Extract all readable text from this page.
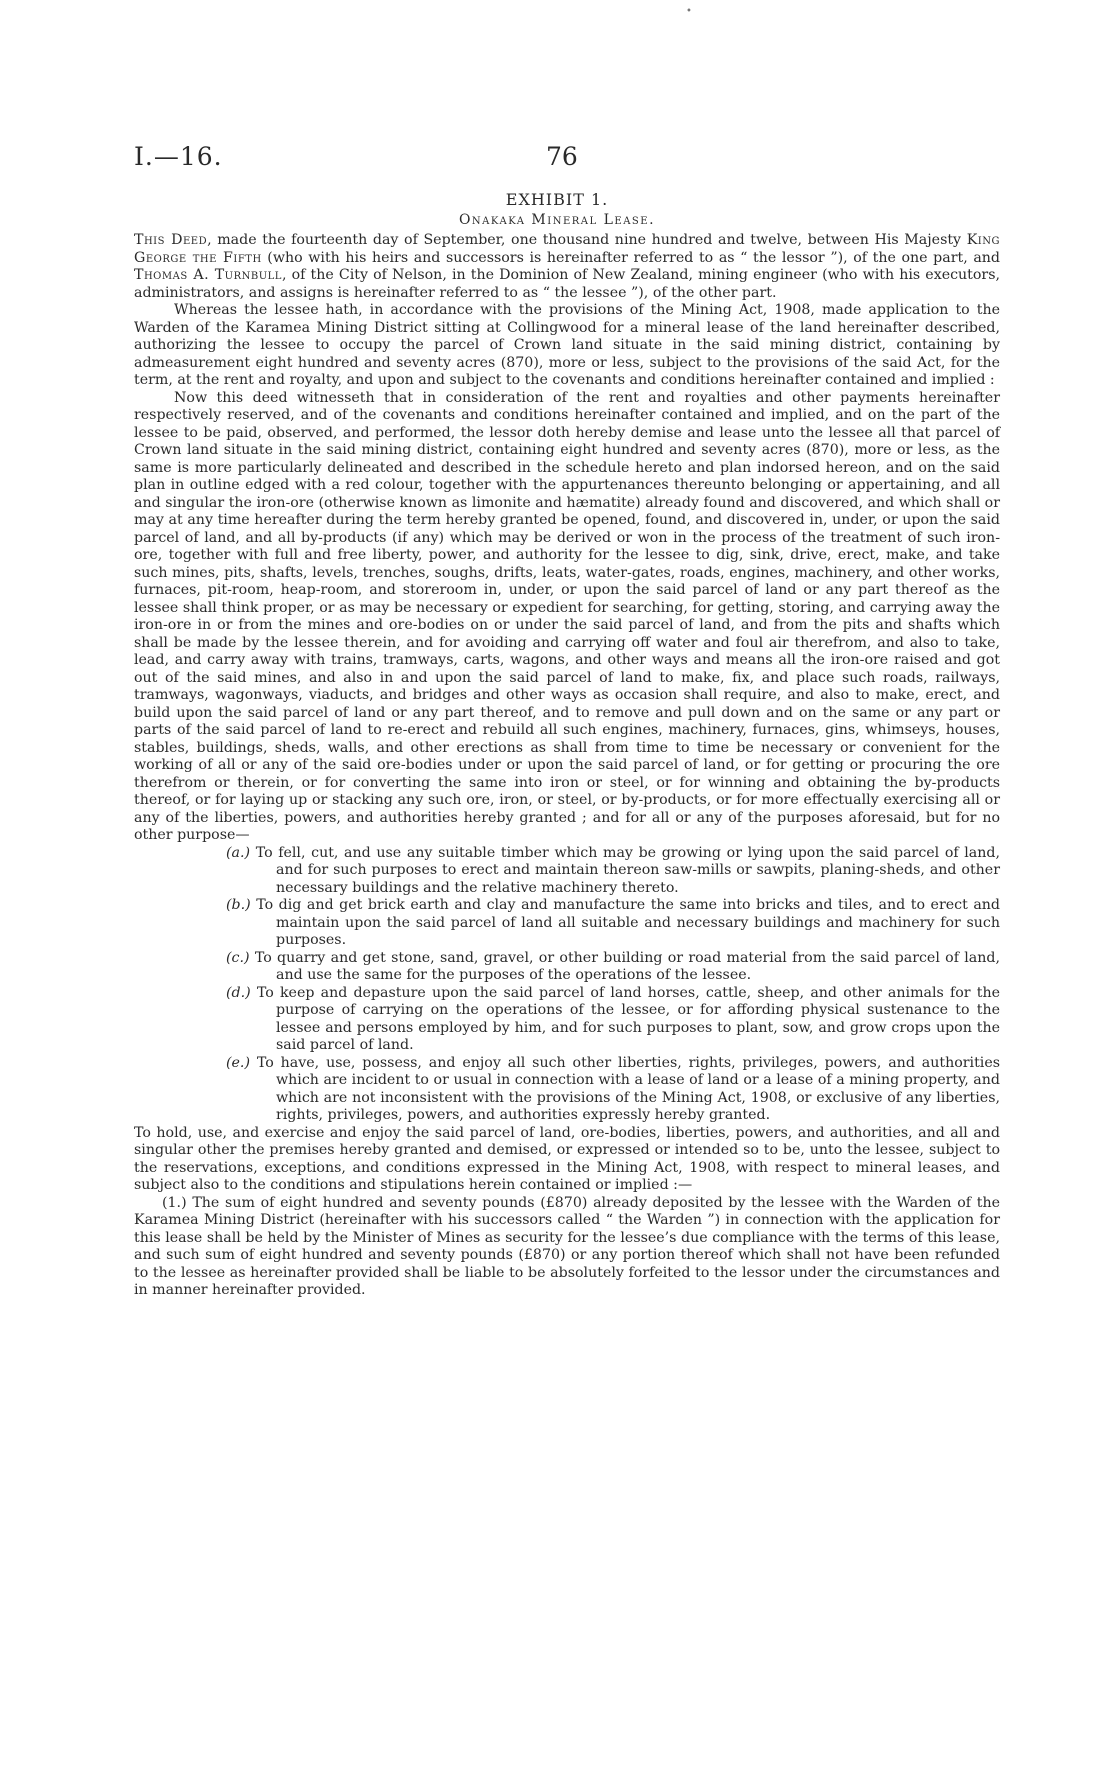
•
I.—16.	76
EXHIBIT 1.
Onakaka Mineral Lease.

This Deed, made the fourteenth day of September, one thousand nine hundred and twelve, between His Majesty King George the Fifth (who with his heirs and successors is hereinafter referred to as “ the lessor ”), of the one part, and Thomas A. Turnbull, of the City of Nelson, in the Dominion of New Zealand, mining engineer (who with his executors, administrators, and assigns is hereinafter referred to as “ the lessee ”), of the other part.

Whereas the lessee hath, in accordance with the provisions of the Mining Act, 1908, made application to the Warden of the Karamea Mining District sitting at Collingwood for a mineral lease of the land hereinafter described, authorizing the lessee to occupy the parcel of Crown land situate in the said mining district, containing by admeasurement eight hundred and seventy acres (870), more or less, subject to the provisions of the said Act, for the term, at the rent and royalty, and upon and subject to the covenants and conditions hereinafter contained and implied :

Now this deed witnesseth that in consideration of the rent and royalties and other payments hereinafter respectively reserved, and of the covenants and conditions hereinafter contained and implied, and on the part of the lessee to be paid, observed, and performed, the lessor doth hereby demise and lease unto the lessee all that parcel of Crown land situate in the said mining district, containing eight hundred and seventy acres (870), more or less, as the same is more particularly delineated and described in the schedule hereto and plan indorsed hereon, and on the said plan in outline edged with a red colour, together with the appurtenances thereunto belonging or appertaining, and all and singular the iron-ore (otherwise known as limonite and hæmatite) already found and discovered, and which shall or may at any time hereafter during the term hereby granted be opened, found, and discovered in, under, or upon the said parcel of land, and all by-products (if any) which may be derived or won in the process of the treatment of such iron-ore, together with full and free liberty, power, and authority for the lessee to dig, sink, drive, erect, make, and take such mines, pits, shafts, levels, trenches, soughs, drifts, leats, water-gates, roads, engines, machinery, and other works, furnaces, pit-room, heap-room, and storeroom in, under, or upon the said parcel of land or any part thereof as the lessee shall think proper, or as may be necessary or expedient for searching, for getting, storing, and carrying away the iron-ore in or from the mines and ore-bodies on or under the said parcel of land, and from the pits and shafts which shall be made by the lessee therein, and for avoiding and carrying off water and foul air therefrom, and also to take, lead, and carry away with trains, tramways, carts, wagons, and other ways and means all the iron-ore raised and got out of the said mines, and also in and upon the said parcel of land to make, fix, and place such roads, railways, tramways, wagonways, viaducts, and bridges and other ways as occasion shall require, and also to make, erect, and build upon the said parcel of land or any part thereof, and to remove and pull down and on the same or any part or parts of the said parcel of land to re-erect and rebuild all such engines, machinery, furnaces, gins, whimseys, houses, stables, buildings, sheds, walls, and other erections as shall from time to time be necessary or convenient for the working of all or any of the said ore-bodies under or upon the said parcel of land, or for getting or procuring the ore therefrom or therein, or for converting the same into iron or steel, or for winning and obtaining the by-products thereof, or for laying up or stacking any such ore, iron, or steel, or by-products, or for more effectually exercising all or any of the liberties, powers, and authorities hereby granted ; and for all or any of the purposes aforesaid, but for no other purpose—

(a.) To fell, cut, and use any suitable timber which may be growing or lying upon the said parcel of land, and for such purposes to erect and maintain thereon saw-mills or sawpits, planing-sheds, and other necessary buildings and the relative machinery thereto.

(b.) To dig and get brick earth and clay and manufacture the same into bricks and tiles, and to erect and maintain upon the said parcel of land all suitable and necessary buildings and machinery for such purposes.

(c.) To quarry and get stone, sand, gravel, or other building or road material from the said parcel of land, and use the same for the purposes of the operations of the lessee.

(d.) To keep and depasture upon the said parcel of land horses, cattle, sheep, and other animals for the purpose of carrying on the operations of the lessee, or for affording physical sustenance to the lessee and persons employed by him, and for such purposes to plant, sow, and grow crops upon the said parcel of land.

(e.) To have, use, possess, and enjoy all such other liberties, rights, privileges, powers, and authorities which are incident to or usual in connection with a lease of land or a lease of a mining property, and which are not inconsistent with the provisions of the Mining Act, 1908, or exclusive of any liberties, rights, privileges, powers, and authorities expressly hereby granted.

To hold, use, and exercise and enjoy the said parcel of land, ore-bodies, liberties, powers, and authorities, and all and singular other the premises hereby granted and demised, or expressed or intended so to be, unto the lessee, subject to the reservations, exceptions, and conditions expressed in the Mining Act, 1908, with respect to mineral leases, and subject also to the conditions and stipulations herein contained or implied :—

(1.) The sum of eight hundred and seventy pounds (£870) already deposited by the lessee with the Warden of the Karamea Mining District (hereinafter with his successors called “ the Warden ”) in connection with the application for this lease shall be held by the Minister of Mines as security for the lessee’s due compliance with the terms of this lease, and such sum of eight hundred and seventy pounds (£870) or any portion thereof which shall not have been refunded to the lessee as hereinafter provided shall be liable to be absolutely forfeited to the lessor under the circumstances and in manner hereinafter provided.
